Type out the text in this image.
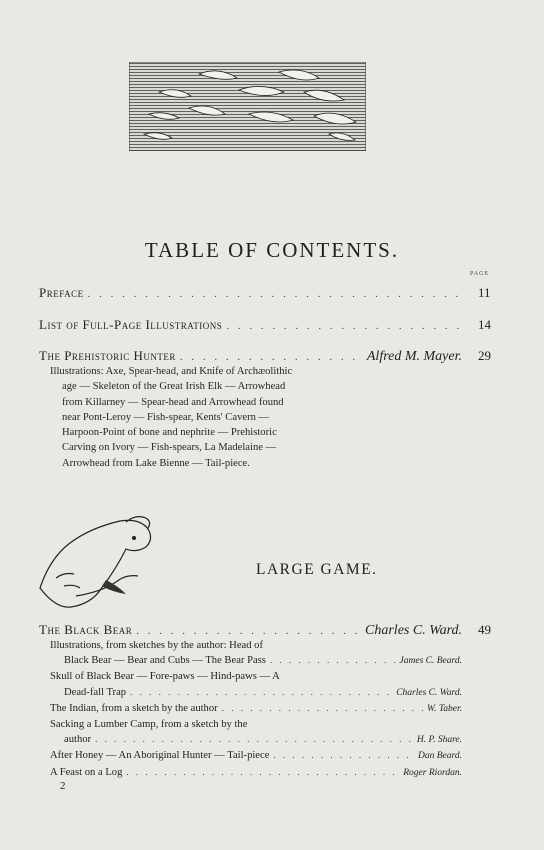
TABLE OF CONTENTS.
PAGE
Preface . . .	11
List of Full-Page Illustrations . . .	14
The Prehistoric Hunter . . .	Alfred M. Mayer. 29
Illustrations: Axe, Spear-head, and Knife of Archæolithic
age — Skeleton of the Great Irish Elk — Arrowhead
from Killarney — Spear-head and Arrowhead found
near Pont-Leroy — Fish-spear, Kents' Cavern —
Harpoon-Point of bone and nephrite — Prehistoric
Carving on Ivory — Fish-spears, La Madelaine —
Arrowhead from Lake Bienne — Tail-piece.
LARGE GAME.
The Black Bear . . .	Charles C. Ward. 49
Illustrations, from sketches by the author: Head of
Black Bear — Bear and Cubs — The Bear Pass . . .	James C. Beard.
Skull of Black Bear — Fore-paws — Hind-paws — A
Dead-fall Trap . . .	Charles C. Ward.
The Indian, from a sketch by the author . . .	W. Taber.
Sacking a Lumber Camp, from a sketch by the
author . . .	H. P. Share.
After Honey — An Aboriginal Hunter — Tail-piece . . .	Dan Beard.
A Feast on a Log . . .	Roger Riordan.
2
